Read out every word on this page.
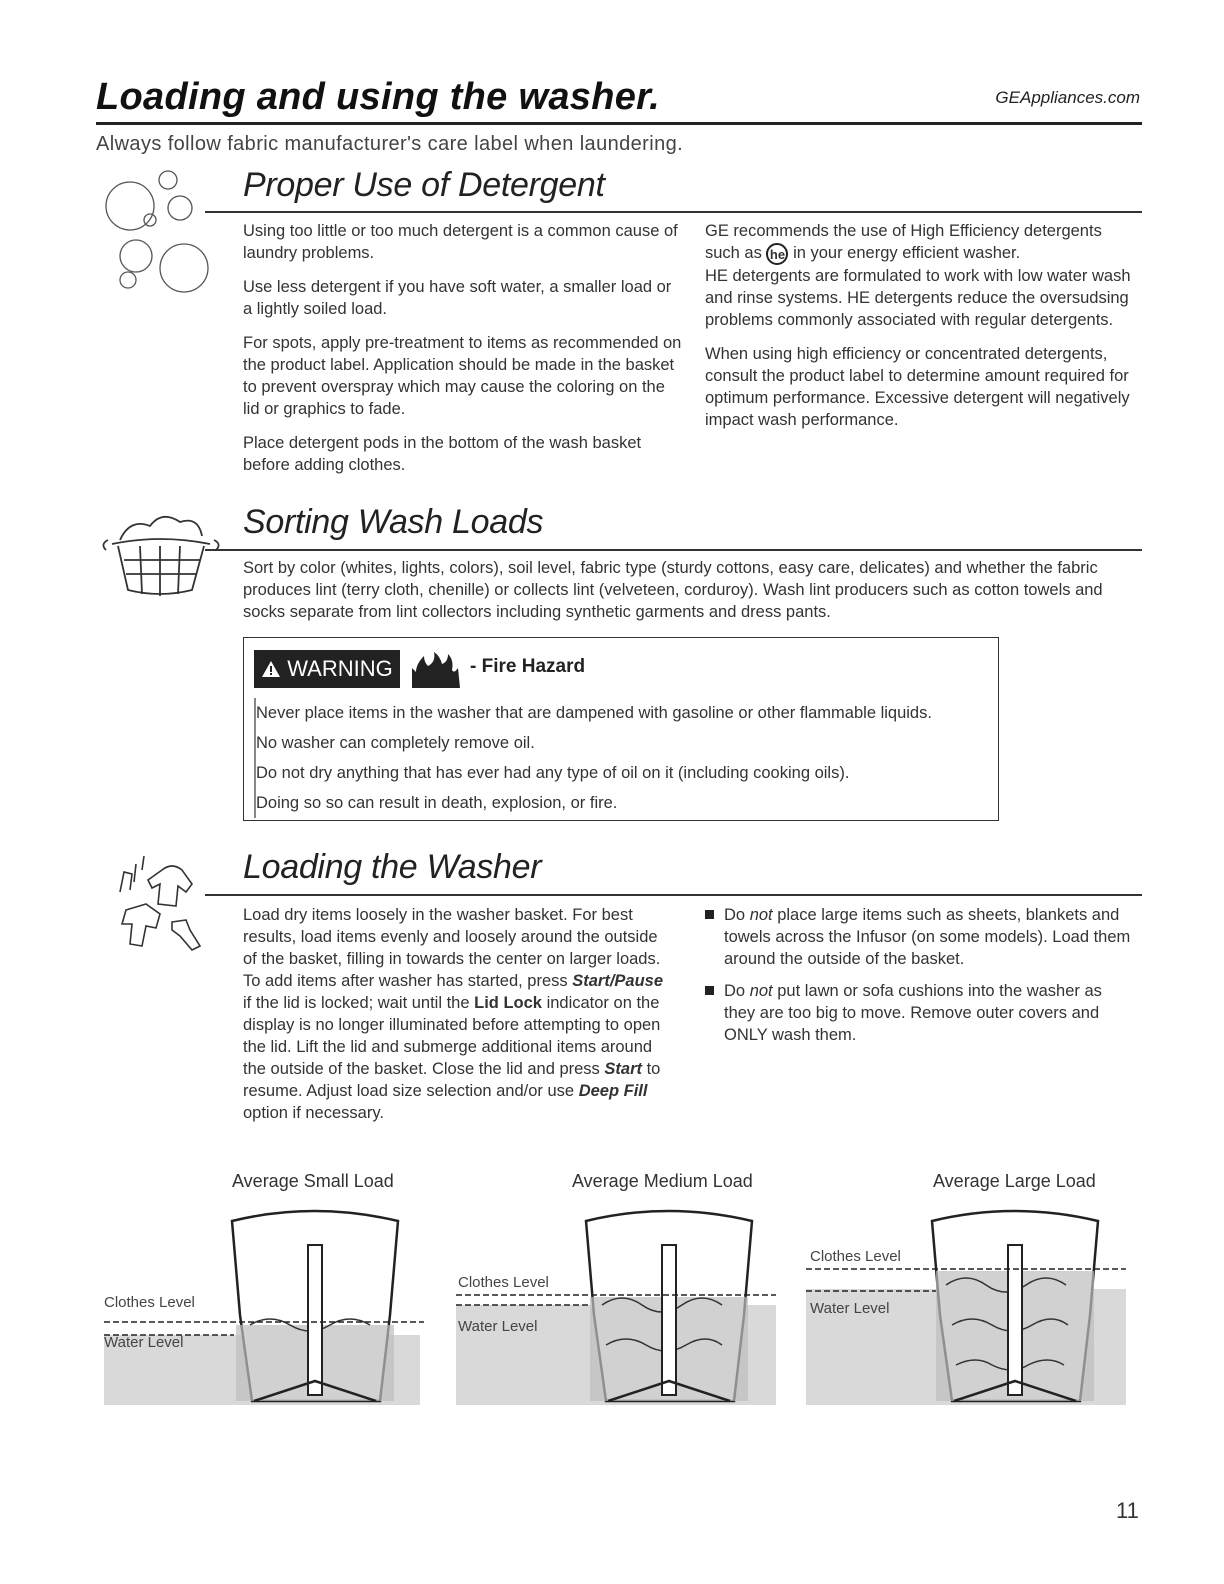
Loading and using the washer.	GEAppliances.com
Always follow fabric manufacturer's care label when laundering.
Proper Use of Detergent

Using too little or too much detergent is a common cause of laundry problems.

Use less detergent if you have soft water, a smaller load or a lightly soiled load.

For spots, apply pre-treatment to items as recommended on the product label. Application should be made in the basket to prevent overspray which may cause the coloring on the lid or graphics to fade.

Place detergent pods in the bottom of the wash basket before adding clothes.

GE recommends the use of High Efficiency detergents such as he in your energy efficient washer.
HE detergents are formulated to work with low water wash and rinse systems. HE detergents reduce the oversudsing problems commonly associated with regular detergents.

When using high efficiency or concentrated detergents, consult the product label to determine amount required for optimum performance. Excessive detergent will negatively impact wash performance.

Sorting Wash Loads
Sort by color (whites, lights, colors), soil level, fabric type (sturdy cottons, easy care, delicates) and whether the fabric produces lint (terry cloth, chenille) or collects lint (velveteen, corduroy). Wash lint producers such as cotton towels and socks separate from lint collectors including synthetic garments and dress pants.
WARNING	- Fire Hazard
Never place items in the washer that are dampened with gasoline or other flammable liquids.
No washer can completely remove oil.
Do not dry anything that has ever had any type of oil on it (including cooking oils).
Doing so so can result in death, explosion, or fire.
Loading the Washer
Load dry items loosely in the washer basket. For best results, load items evenly and loosely around the outside of the basket, filling in towards the center on larger loads. To add items after washer has started, press Start/Pause if the lid is locked; wait until the Lid Lock indicator on the display is no longer illuminated before attempting to open the lid. Lift the lid and submerge additional items around the outside of the basket. Close the lid and press Start to resume. Adjust load size selection and/or use Deep Fill option if necessary.
Do not place large items such as sheets, blankets and towels across the Infusor (on some models). Load them around the outside of the basket.
Do not put lawn or sofa cushions into the washer as they are too big to move. Remove outer covers and ONLY wash them.
Average Small Load	Average Medium Load	Average Large Load
Clothes Level
Water Level
Clothes Level
Water Level
Clothes Level
Water Level
11
